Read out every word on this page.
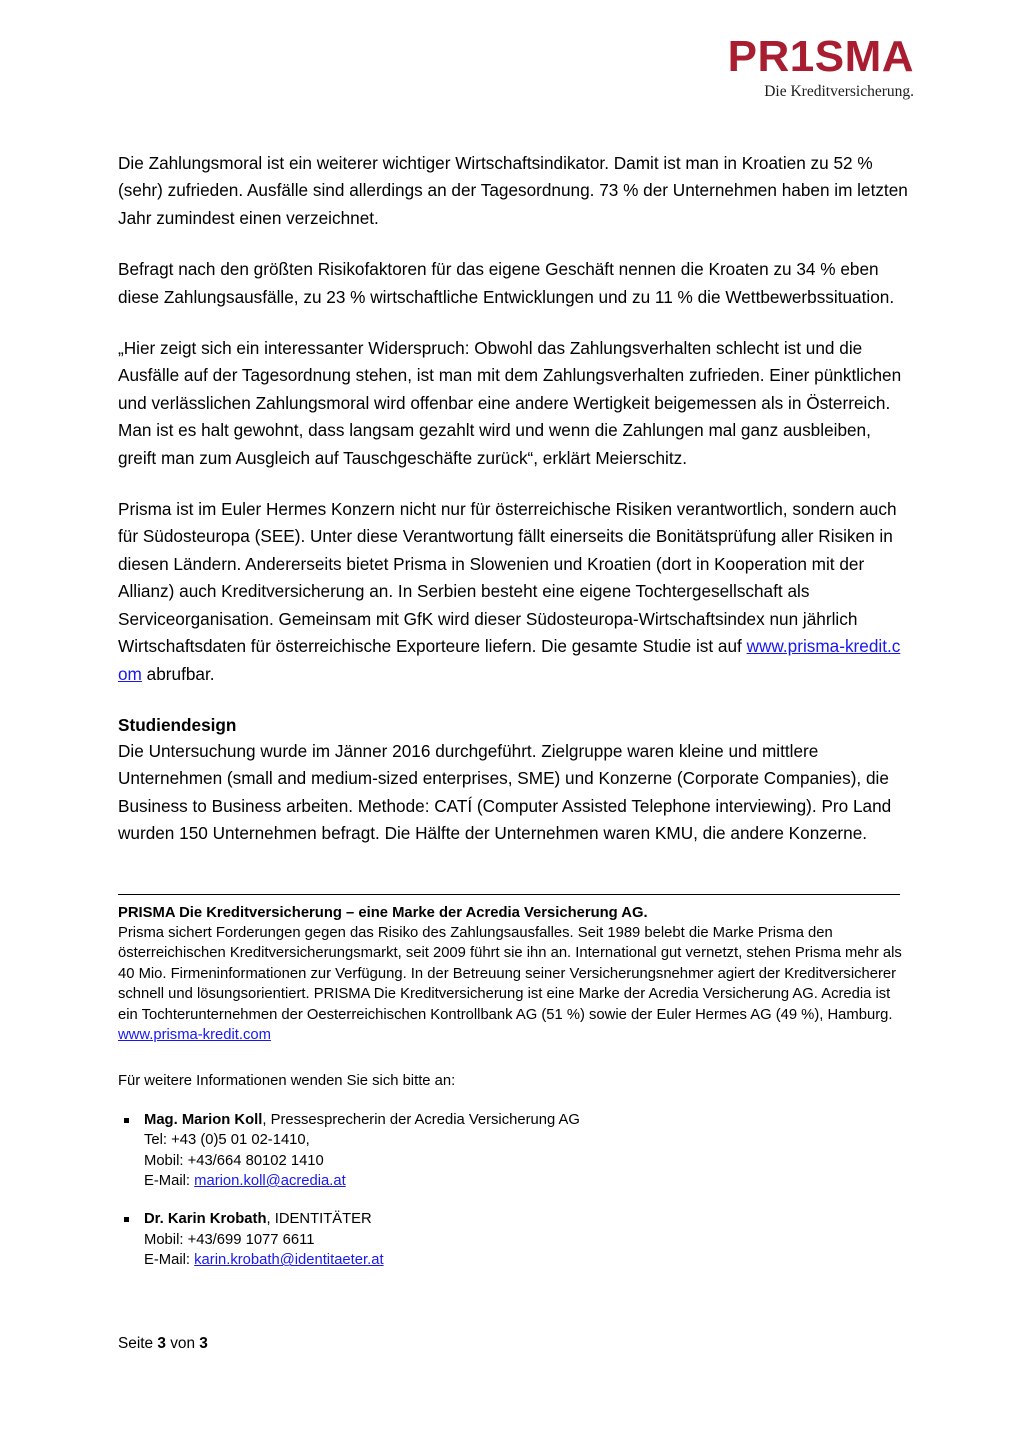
PR1SMA
Die Kreditversicherung.

Die Zahlungsmoral ist ein weiterer wichtiger Wirtschaftsindikator. Damit ist man in Kroatien zu 52 % (sehr) zufrieden. Ausfälle sind allerdings an der Tagesordnung. 73 % der Unternehmen haben im letzten Jahr zumindest einen verzeichnet.

Befragt nach den größten Risikofaktoren für das eigene Geschäft nennen die Kroaten zu 34 % eben diese Zahlungsausfälle, zu 23 % wirtschaftliche Entwicklungen und zu 11 % die Wettbewerbssituation.

„Hier zeigt sich ein interessanter Widerspruch: Obwohl das Zahlungsverhalten schlecht ist und die Ausfälle auf der Tagesordnung stehen, ist man mit dem Zahlungsverhalten zufrieden. Einer pünktlichen und verlässlichen Zahlungsmoral wird offenbar eine andere Wertigkeit beigemessen als in Österreich. Man ist es halt gewohnt, dass langsam gezahlt wird und wenn die Zahlungen mal ganz ausbleiben, greift man zum Ausgleich auf Tauschgeschäfte zurück“, erklärt Meierschitz.

Prisma ist im Euler Hermes Konzern nicht nur für österreichische Risiken verantwortlich, sondern auch für Südosteuropa (SEE). Unter diese Verantwortung fällt einerseits die Bonitätsprüfung aller Risiken in diesen Ländern. Andererseits bietet Prisma in Slowenien und Kroatien (dort in Kooperation mit der Allianz) auch Kreditversicherung an. In Serbien besteht eine eigene Tochtergesellschaft als Serviceorganisation. Gemeinsam mit GfK wird dieser Südosteuropa-Wirtschaftsindex nun jährlich Wirtschaftsdaten für österreichische Exporteure liefern. Die gesamte Studie ist auf www.prisma-kredit.com abrufbar.

Studiendesign

Die Untersuchung wurde im Jänner 2016 durchgeführt. Zielgruppe waren kleine und mittlere Unternehmen (small and medium-sized enterprises, SME) und Konzerne (Corporate Companies), die Business to Business arbeiten. Methode: CATÍ (Computer Assisted Telephone interviewing). Pro Land wurden 150 Unternehmen befragt. Die Hälfte der Unternehmen waren KMU, die andere Konzerne.

PRISMA Die Kreditversicherung – eine Marke der Acredia Versicherung AG.

Prisma sichert Forderungen gegen das Risiko des Zahlungsausfalles. Seit 1989 belebt die Marke Prisma den österreichischen Kreditversicherungsmarkt, seit 2009 führt sie ihn an. International gut vernetzt, stehen Prisma mehr als 40 Mio. Firmeninformationen zur Verfügung. In der Betreuung seiner Versicherungsnehmer agiert der Kreditversicherer schnell und lösungsorientiert. PRISMA Die Kreditversicherung ist eine Marke der Acredia Versicherung AG. Acredia ist ein Tochterunternehmen der Oesterreichischen Kontrollbank AG (51 %) sowie der Euler Hermes AG (49 %), Hamburg.
www.prisma-kredit.com

Für weitere Informationen wenden Sie sich bitte an:

Mag. Marion Koll, Pressesprecherin der Acredia Versicherung AG
Tel: +43 (0)5 01 02-1410,
Mobil: +43/664 80102 1410
E-Mail: marion.koll@acredia.at
Dr. Karin Krobath, IDENTITÄTER
Mobil: +43/699 1077 6611
E-Mail: karin.krobath@identitaeter.at
Seite 3 von 3
